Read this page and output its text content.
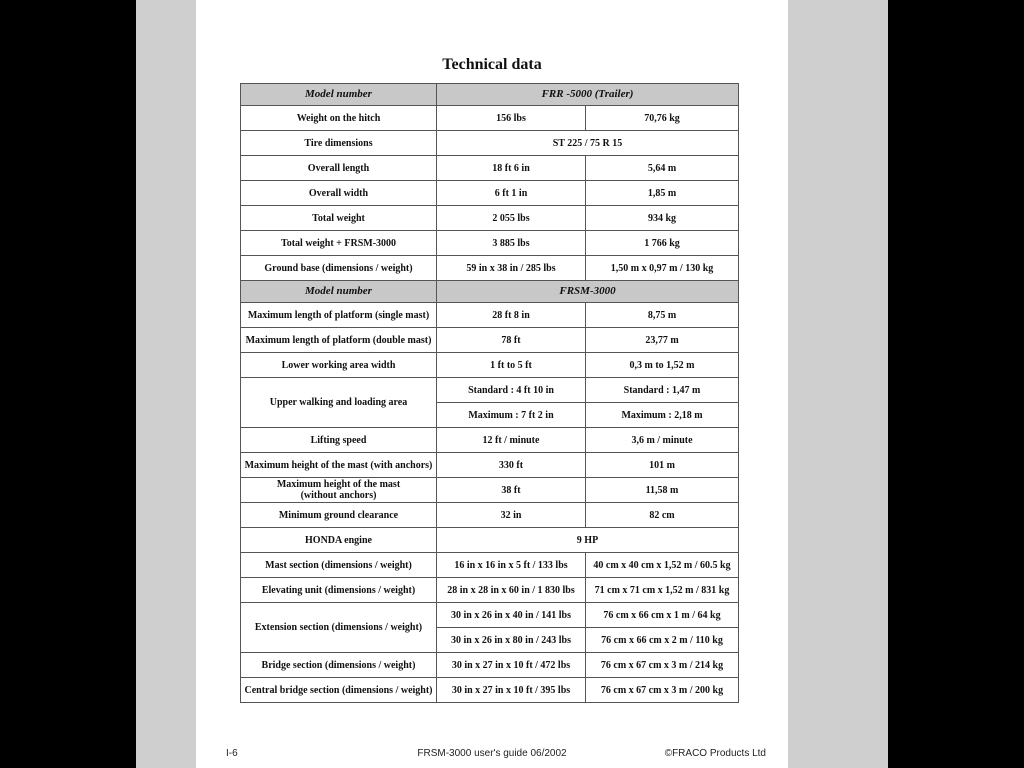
Technical data
Model number	FRR -5000 (Trailer)	
Weight on the hitch	156 lbs	70,76 kg
Tire dimensions	ST 225 / 75 R 15	
Overall length	18 ft 6 in	5,64 m
Overall width	6 ft 1 in	1,85 m
Total weight	2 055 lbs	934 kg
Total weight + FRSM-3000	3 885 lbs	1 766 kg
Ground base (dimensions / weight)	59 in x 38 in / 285 lbs	1,50 m x 0,97 m / 130 kg
Model number	FRSM-3000	
Maximum length of platform (single mast)	28 ft 8 in	8,75 m
Maximum length of platform (double mast)	78 ft	23,77 m
Lower working area width	1 ft to 5 ft	0,3 m to 1,52 m
Upper walking and loading area	Standard : 4 ft 10 in	Standard : 1,47 m
	Maximum : 7 ft 2 in	Maximum : 2,18 m
Lifting speed	12 ft / minute	3,6 m / minute
Maximum height of the mast (with anchors)	330 ft	101 m
Maximum height of the mast
(without anchors)	38 ft	11,58 m
Minimum ground clearance	32 in	82 cm
HONDA engine	9 HP	
Mast section (dimensions / weight)	16 in x 16 in x 5 ft / 133 lbs	40 cm x 40 cm x 1,52 m / 60.5 kg
Elevating unit (dimensions / weight)	28 in x 28 in x 60 in / 1 830 lbs	71 cm x 71 cm x 1,52 m / 831 kg
Extension section (dimensions / weight)	30 in x 26 in x 40 in / 141 lbs	76 cm x 66 cm x 1 m / 64 kg
	30 in x 26 in x 80 in / 243 lbs	76 cm x 66 cm x 2 m / 110 kg
Bridge section (dimensions / weight)	30 in x 27 in x 10 ft / 472 lbs	76 cm x 67 cm x 3 m / 214 kg
Central bridge section (dimensions / weight)	30 in x 27 in x 10 ft / 395 lbs	76 cm x 67 cm x 3 m / 200 kg
I-6	FRSM-3000 user's guide 06/2002	©FRACO Products Ltd
